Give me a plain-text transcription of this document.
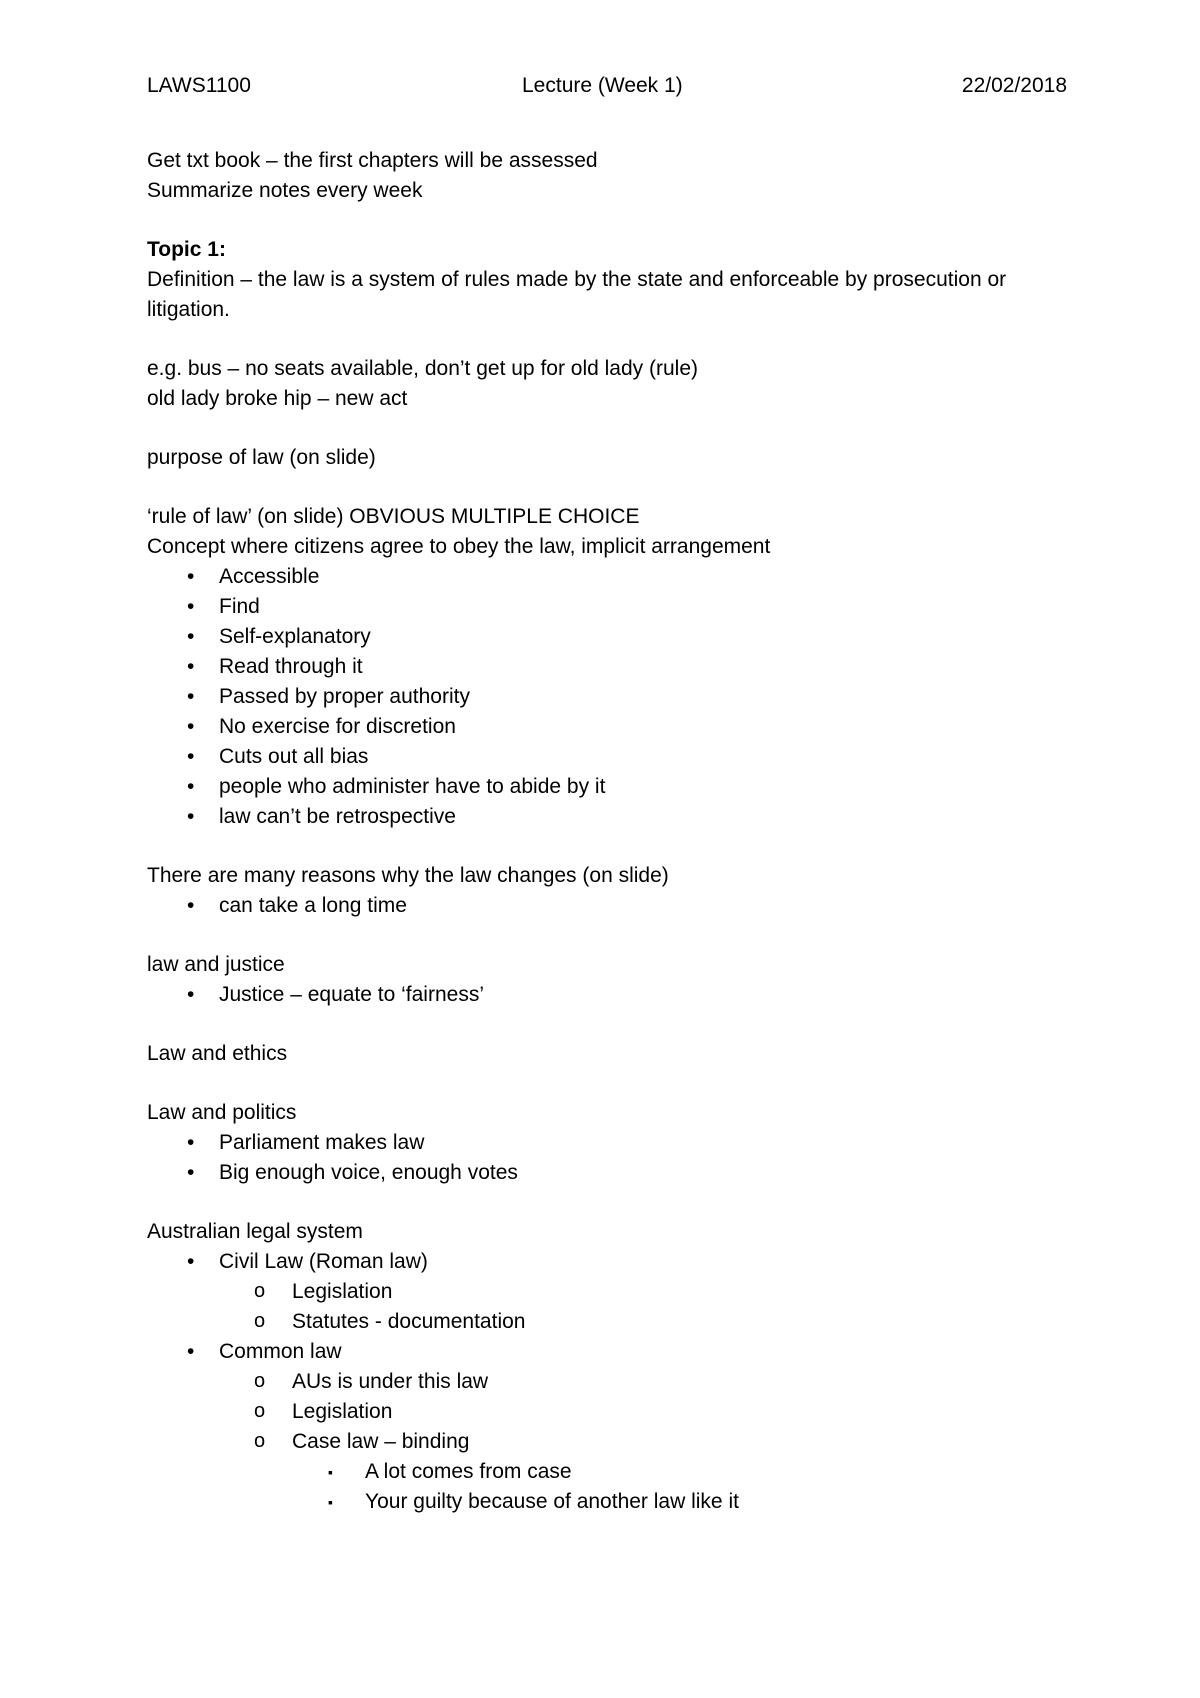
LAWS1100	Lecture (Week 1)	22/02/2018
Get txt book – the first chapters will be assessed
Summarize notes every week
Topic 1:
Definition – the law is a system of rules made by the state and enforceable by prosecution or litigation.
e.g. bus – no seats available, don’t get up for old lady (rule)
old lady broke hip – new act
purpose of law (on slide)
‘rule of law’ (on slide) OBVIOUS MULTIPLE CHOICE
Concept where citizens agree to obey the law, implicit arrangement
• Accessible
• Find
• Self-explanatory
• Read through it
• Passed by proper authority
• No exercise for discretion
• Cuts out all bias
• people who administer have to abide by it
• law can’t be retrospective
There are many reasons why the law changes (on slide)
• can take a long time
law and justice
• Justice – equate to ‘fairness’
Law and ethics
Law and politics
• Parliament makes law
• Big enough voice, enough votes
Australian legal system
• Civil Law (Roman law)
o Legislation
o Statutes - documentation
• Common law
o AUs is under this law
o Legislation
o Case law – binding
▪ A lot comes from case
▪ Your guilty because of another law like it
